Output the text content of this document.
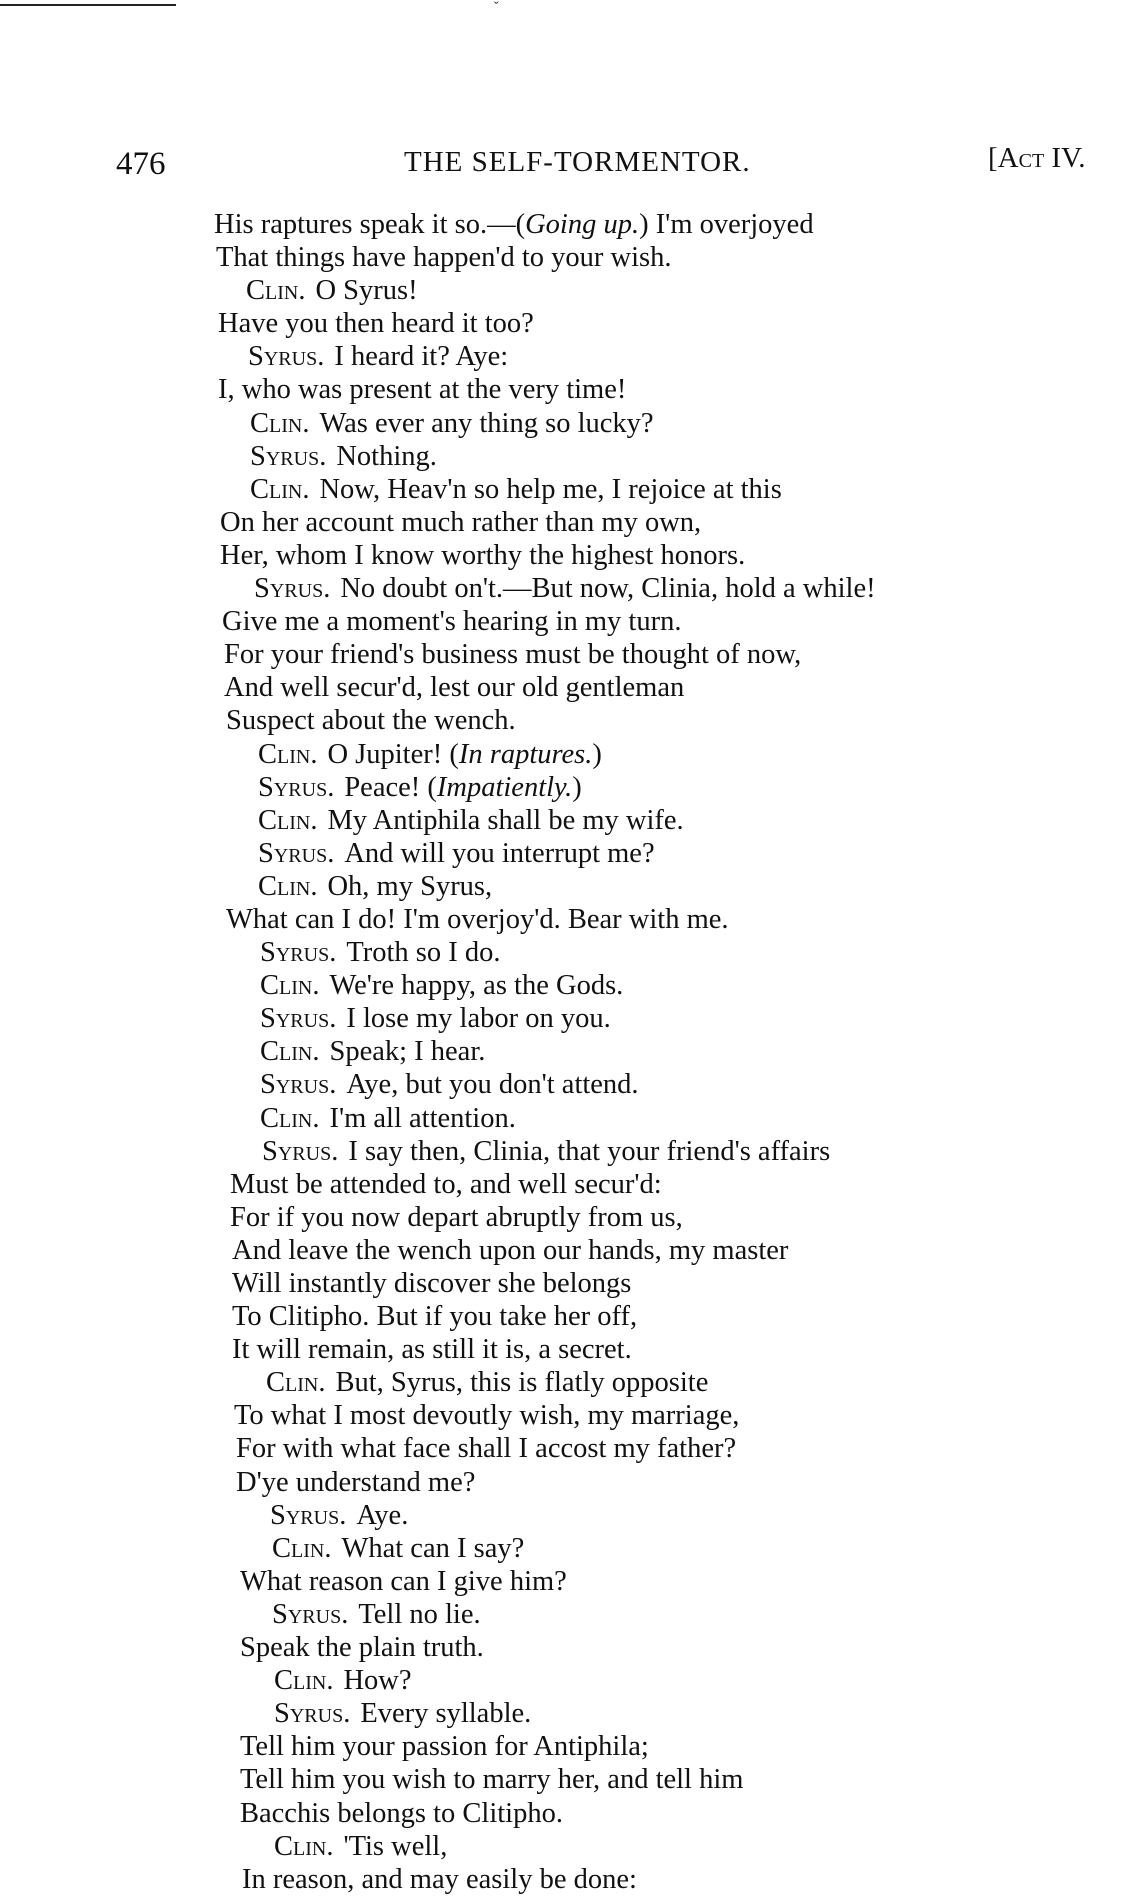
ˇ
476	THE SELF-TORMENTOR.	[Act IV.
His raptures speak it so.—(Going up.) I'm overjoyed
That things have happen'd to your wish.
Clin. O Syrus!
Have you then heard it too?
Syrus. I heard it? Aye:
I, who was present at the very time!
Clin. Was ever any thing so lucky?
Syrus. Nothing.
Clin. Now, Heav'n so help me, I rejoice at this
On her account much rather than my own,
Her, whom I know worthy the highest honors.
Syrus. No doubt on't.—But now, Clinia, hold a while!
Give me a moment's hearing in my turn.
For your friend's business must be thought of now,
And well secur'd, lest our old gentleman
Suspect about the wench.
Clin. O Jupiter! (In raptures.)
Syrus. Peace! (Impatiently.)
Clin. My Antiphila shall be my wife.
Syrus. And will you interrupt me?
Clin. Oh, my Syrus,
What can I do! I'm overjoy'd. Bear with me.
Syrus. Troth so I do.
Clin. We're happy, as the Gods.
Syrus. I lose my labor on you.
Clin. Speak; I hear.
Syrus. Aye, but you don't attend.
Clin. I'm all attention.
Syrus. I say then, Clinia, that your friend's affairs
Must be attended to, and well secur'd:
For if you now depart abruptly from us,
And leave the wench upon our hands, my master
Will instantly discover she belongs
To Clitipho. But if you take her off,
It will remain, as still it is, a secret.
Clin. But, Syrus, this is flatly opposite
To what I most devoutly wish, my marriage,
For with what face shall I accost my father?
D'ye understand me?
Syrus. Aye.
Clin. What can I say?
What reason can I give him?
Syrus. Tell no lie.
Speak the plain truth.
Clin. How?
Syrus. Every syllable.
Tell him your passion for Antiphila;
Tell him you wish to marry her, and tell him
Bacchis belongs to Clitipho.
Clin. 'Tis well,
In reason, and may easily be done:
